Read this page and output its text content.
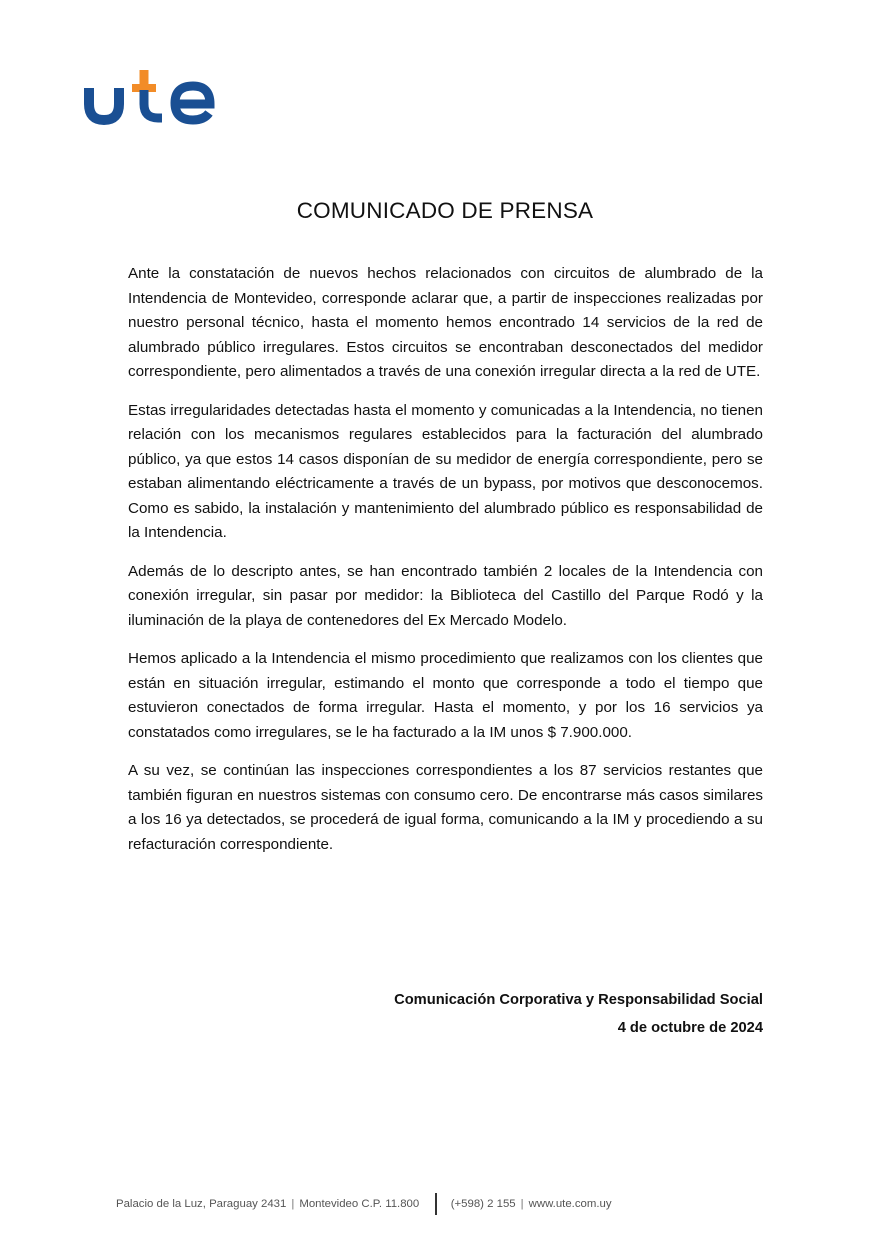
COMUNICADO DE PRENSA

Ante la constatación de nuevos hechos relacionados con circuitos de alumbrado de la Intendencia de Montevideo, corresponde aclarar que, a partir de inspecciones realizadas por nuestro personal técnico, hasta el momento hemos encontrado 14 servicios de la red de alumbrado público irregulares. Estos circuitos se encontraban desconectados del medidor correspondiente, pero alimentados a través de una conexión irregular directa a la red de UTE.

Estas irregularidades detectadas hasta el momento y comunicadas a la Intendencia, no tienen relación con los mecanismos regulares establecidos para la facturación del alumbrado público, ya que estos 14 casos disponían de su medidor de energía correspondiente, pero se estaban alimentando eléctricamente a través de un bypass, por motivos que desconocemos. Como es sabido, la instalación y mantenimiento del alumbrado público es responsabilidad de la Intendencia.

Además de lo descripto antes, se han encontrado también 2 locales de la Intendencia con conexión irregular, sin pasar por medidor: la Biblioteca del Castillo del Parque Rodó y la iluminación de la playa de contenedores del Ex Mercado Modelo.

Hemos aplicado a la Intendencia el mismo procedimiento que realizamos con los clientes que están en situación irregular, estimando el monto que corresponde a todo el tiempo que estuvieron conectados de forma irregular. Hasta el momento, y por los 16 servicios ya constatados como irregulares, se le ha facturado a la IM unos $ 7.900.000.

A su vez, se continúan las inspecciones correspondientes a los 87 servicios restantes que también figuran en nuestros sistemas con consumo cero. De encontrarse más casos similares a los 16 ya detectados, se procederá de igual forma, comunicando a la IM y procediendo a su refacturación correspondiente.

Comunicación Corporativa y Responsabilidad Social
4 de octubre de 2024
Palacio de la Luz, Paraguay 2431 | Montevideo C.P. 11.800	(+598) 2 155 | www.ute.com.uy
